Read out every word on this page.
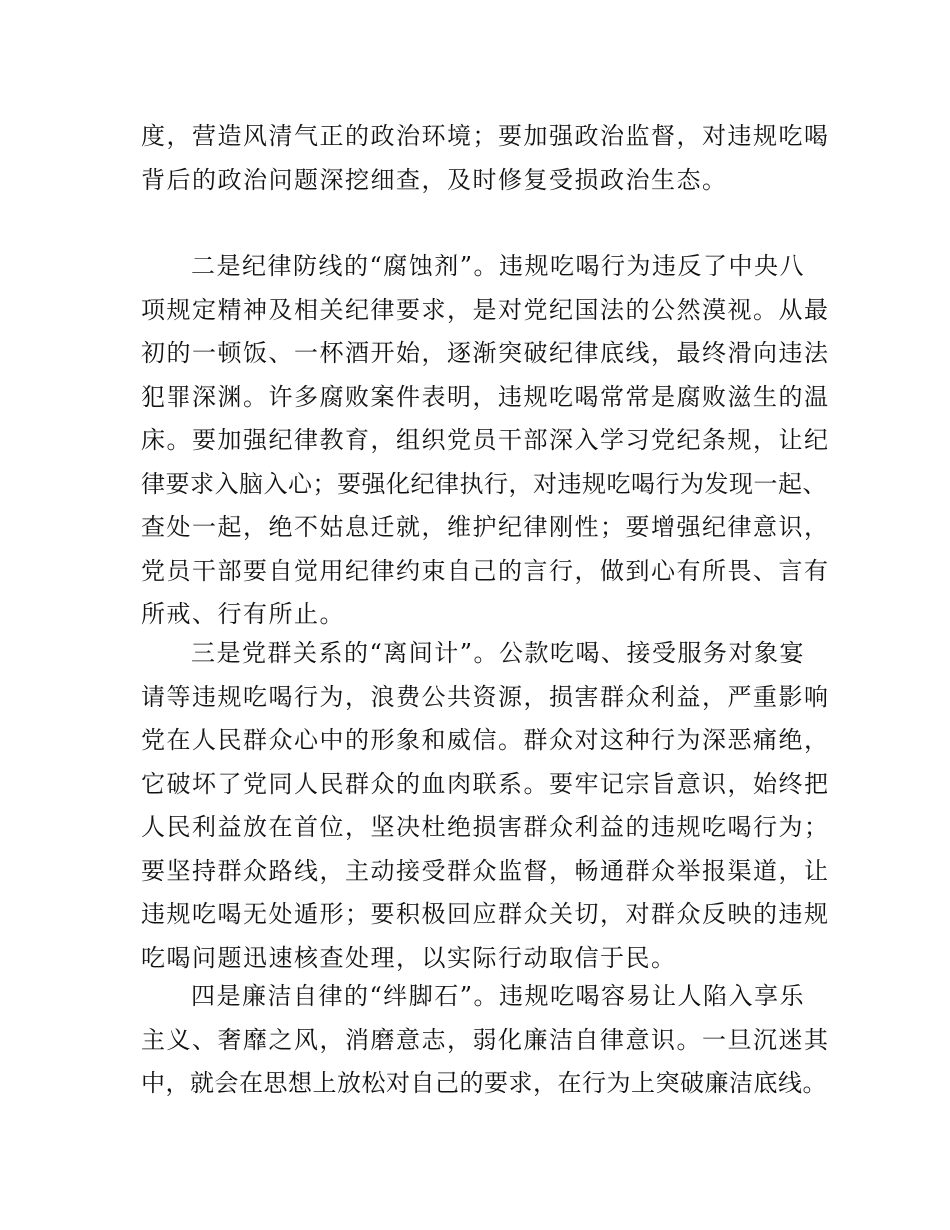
度，营造风清气正的政治环境；要加强政治监督，对违规吃喝
背后的政治问题深挖细查，及时修复受损政治生态。
二是纪律防线的“腐蚀剂”。违规吃喝行为违反了中央八
项规定精神及相关纪律要求，是对党纪国法的公然漠视。从最
初的一顿饭、一杯酒开始，逐渐突破纪律底线，最终滑向违法
犯罪深渊。许多腐败案件表明，违规吃喝常常是腐败滋生的温
床。要加强纪律教育，组织党员干部深入学习党纪条规，让纪
律要求入脑入心；要强化纪律执行，对违规吃喝行为发现一起、
查处一起，绝不姑息迁就，维护纪律刚性；要增强纪律意识，
党员干部要自觉用纪律约束自己的言行，做到心有所畏、言有
所戒、行有所止。
三是党群关系的“离间计”。公款吃喝、接受服务对象宴
请等违规吃喝行为，浪费公共资源，损害群众利益，严重影响
党在人民群众心中的形象和威信。群众对这种行为深恶痛绝，
它破坏了党同人民群众的血肉联系。要牢记宗旨意识，始终把
人民利益放在首位，坚决杜绝损害群众利益的违规吃喝行为；
要坚持群众路线，主动接受群众监督，畅通群众举报渠道，让
违规吃喝无处遁形；要积极回应群众关切，对群众反映的违规
吃喝问题迅速核查处理，以实际行动取信于民。
四是廉洁自律的“绊脚石”。违规吃喝容易让人陷入享乐
主义、奢靡之风，消磨意志，弱化廉洁自律意识。一旦沉迷其
中，就会在思想上放松对自己的要求，在行为上突破廉洁底线。
